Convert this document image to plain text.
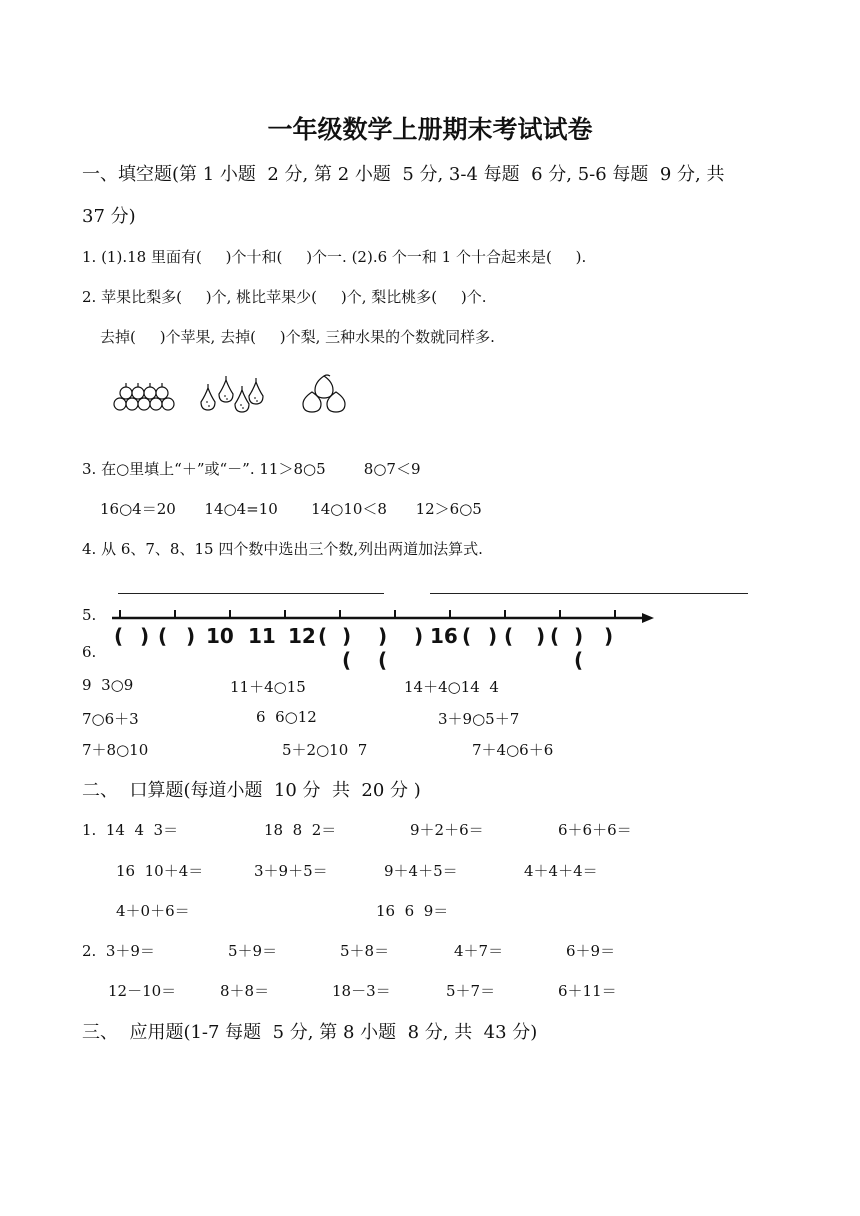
一年级数学上册期末考试试卷
一、填空题(第 1 小题  2 分, 第 2 小题  5 分, 3-4 每题  6 分, 5-6 每题  9 分, 共
37 分)
1. (1).18 里面有(     )个十和(     )个一. (2).6 个一和 1 个十合起来是(     ).
2. 苹果比梨多(     )个, 桃比苹果少(     )个, 梨比桃多(     )个.
去掉(     )个苹果, 去掉(     )个梨, 三种水果的个数就同样多.
3. 在○里填上“＋”或“－”. 11＞8○5        8○7＜9
16○4＝20      14○4=10       14○10＜8      12＞6○5
4. 从 6、7、8、15 四个数中选出三个数,列出两道加法算式.
5.
6.
( ) ( ) 10 11 12 ( )(
)(
) 16 ( ) ( ) ( )(
)
9  3○9	11＋4○15	14＋4○14  4
7○6＋3	6  6○12	3＋9○5＋7
7＋8○10	5＋2○10  7	7＋4○6＋6
二、  口算题(每道小题  10 分  共  20 分 )
1.  14  4  3＝	18  8  2＝	9＋2＋6＝	6＋6＋6＝
16  10＋4＝	3＋9＋5＝	9＋4＋5＝	4＋4＋4＝
4＋0＋6＝	16  6  9＝
2.  3＋9＝	5＋9＝	5＋8＝	4＋7＝	6＋9＝
12－10＝	8＋8＝	18－3＝	5＋7＝	6＋11＝
三、  应用题(1-7 每题  5 分, 第 8 小题  8 分, 共  43 分)
